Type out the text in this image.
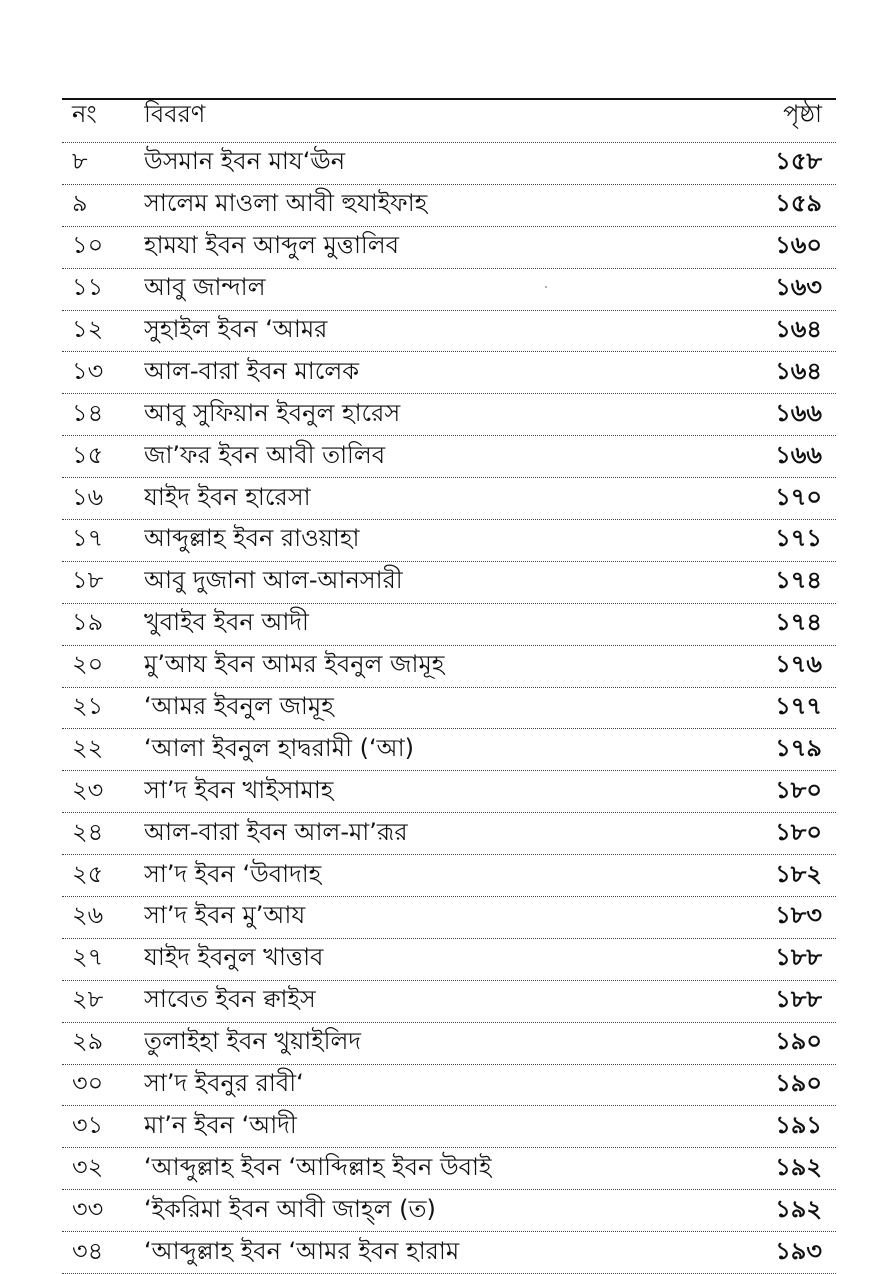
নং	বিবরণ	পৃষ্ঠা
৮	উসমান ইবন মায‘ঊন	১৫৮
৯	সালেম মাওলা আবী হুযাইফাহ	১৫৯
১০	হামযা ইবন আব্দুল মুত্তালিব	১৬০
১১	আবু জান্দাল	১৬৩
১২	সুহাইল ইবন ‘আমর	১৬৪
১৩	আল-বারা ইবন মালেক	১৬৪
১৪	আবু সুফিয়ান ইবনুল হারেস	১৬৬
১৫	জা’ফর ইবন আবী তালিব	১৬৬
১৬	যাইদ ইবন হারেসা	১৭০
১৭	আব্দুল্লাহ ইবন রাওয়াহা	১৭১
১৮	আবু দুজানা আল-আনসারী	১৭৪
১৯	খুবাইব ইবন আদী	১৭৪
২০	মু’আয ইবন আমর ইবনুল জামূহ	১৭৬
২১	‘আমর ইবনুল জামূহ	১৭৭
২২	‘আলা ইবনুল হাদ্বরামী (‘আ)	১৭৯
২৩	সা’দ ইবন খাইসামাহ	১৮০
২৪	আল-বারা ইবন আল-মা’রূর	১৮০
২৫	সা’দ ইবন ‘উবাদাহ	১৮২
২৬	সা’দ ইবন মু’আয	১৮৩
২৭	যাইদ ইবনুল খাত্তাব	১৮৮
২৮	সাবেত ইবন ক্বাইস	১৮৮
২৯	তুলাইহা ইবন খুয়াইলিদ	১৯০
৩০	সা’দ ইবনুর রাবী‘	১৯০
৩১	মা’ন ইবন ‘আদী	১৯১
৩২	‘আব্দুল্লাহ ইবন ‘আব্দিল্লাহ ইবন উবাই	১৯২
৩৩	‘ইকরিমা ইবন আবী জাহ্‌ল (ত)	১৯২
৩৪	‘আব্দুল্লাহ ইবন ‘আমর ইবন হারাম	১৯৩
